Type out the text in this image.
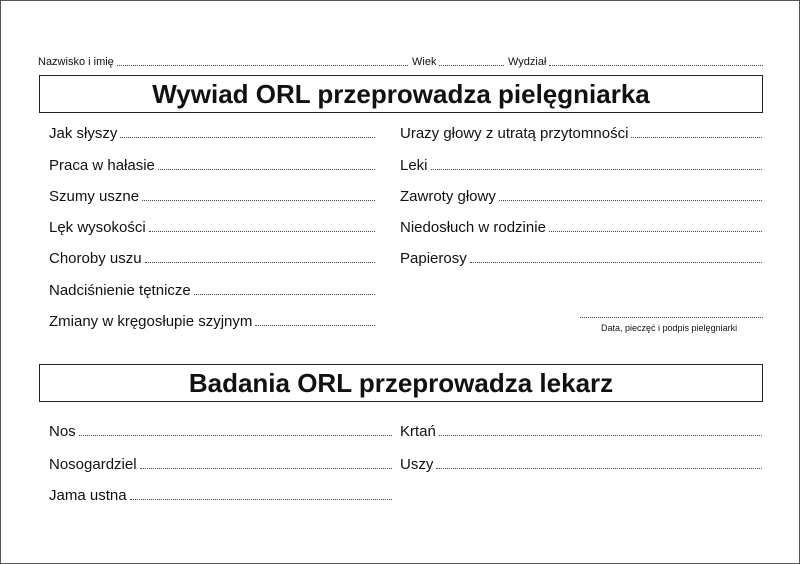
Nazwisko i imię	Wiek	Wydział
Wywiad ORL przeprowadza pielęgniarka
Jak słyszy
Praca w hałasie
Szumy uszne
Lęk wysokości
Choroby uszu
Nadciśnienie tętnicze
Zmiany w kręgosłupie szyjnym
Urazy głowy z utratą przytomności
Leki
Zawroty głowy
Niedosłuch w rodzinie
Papierosy
Data, pieczęć i podpis pielęgniarki
Badania ORL przeprowadza lekarz
Nos
Nosogardziel
Jama ustna
Krtań
Uszy
